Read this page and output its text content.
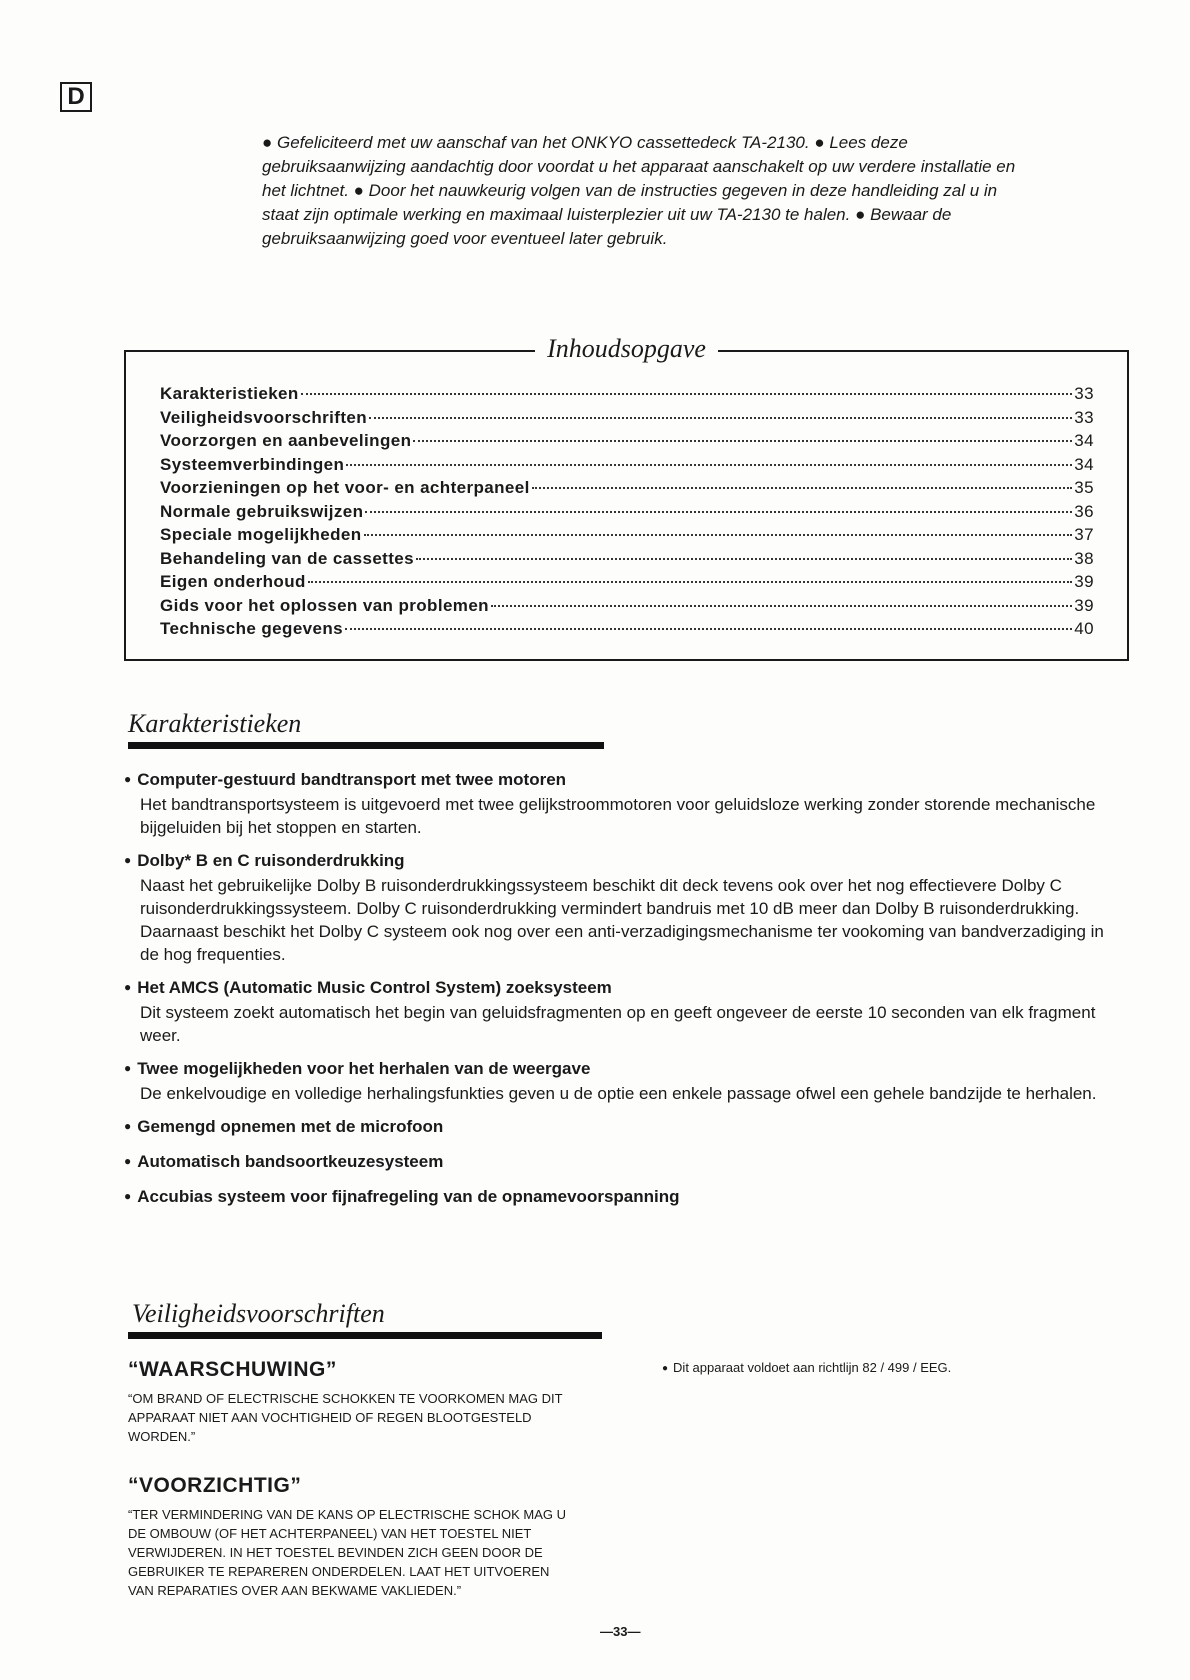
D

● Gefeliciteerd met uw aanschaf van het ONKYO cassettedeck TA-2130. ● Lees deze gebruiksaanwijzing aandachtig door voordat u het apparaat aanschakelt op uw verdere installatie en het lichtnet. ● Door het nauwkeurig volgen van de instructies gegeven in deze handleiding zal u in staat zijn optimale werking en maximaal luisterplezier uit uw TA-2130 te halen. ● Bewaar de gebruiksaanwijzing goed voor eventueel later gebruik.

Inhoudsopgave
Karakteristieken	33
Veiligheidsvoorschriften	33
Voorzorgen en aanbevelingen	34
Systeemverbindingen	34
Voorzieningen op het voor- en achterpaneel	35
Normale gebruikswijzen	36
Speciale mogelijkheden	37
Behandeling van de cassettes	38
Eigen onderhoud	39
Gids voor het oplossen van problemen	39
Technische gegevens	40
Karakteristieken
● Computer-gestuurd bandtransport met twee motoren
Het bandtransportsysteem is uitgevoerd met twee gelijkstroommotoren voor geluidsloze werking zonder storende mechanische bijgeluiden bij het stoppen en starten.
● Dolby* B en C ruisonderdrukking
Naast het gebruikelijke Dolby B ruisonderdrukkingssysteem beschikt dit deck tevens ook over het nog effectievere Dolby C ruisonderdrukkingssysteem. Dolby C ruisonderdrukking vermindert bandruis met 10 dB meer dan Dolby B ruisonderdrukking. Daarnaast beschikt het Dolby C systeem ook nog over een anti-verzadigingsmechanisme ter vookoming van bandverzadiging in de hog frequenties.
● Het AMCS (Automatic Music Control System) zoeksysteem
Dit systeem zoekt automatisch het begin van geluidsfragmenten op en geeft ongeveer de eerste 10 seconden van elk fragment weer.
● Twee mogelijkheden voor het herhalen van de weergave
De enkelvoudige en volledige herhalingsfunkties geven u de optie een enkele passage ofwel een gehele bandzijde te herhalen.
● Gemengd opnemen met de microfoon
● Automatisch bandsoortkeuzesysteem
● Accubias systeem voor fijnafregeling van de opnamevoorspanning
Veiligheidsvoorschriften
“WAARSCHUWING”
“OM BRAND OF ELECTRISCHE SCHOKKEN TE VOORKOMEN MAG DIT APPARAAT NIET AAN VOCHTIGHEID OF REGEN BLOOTGESTELD WORDEN.”
“VOORZICHTIG”
“TER VERMINDERING VAN DE KANS OP ELECTRISCHE SCHOK MAG U DE OMBOUW (OF HET ACHTERPANEEL) VAN HET TOESTEL NIET VERWIJDEREN. IN HET TOESTEL BEVINDEN ZICH GEEN DOOR DE GEBRUIKER TE REPAREREN ONDERDELEN. LAAT HET UITVOEREN VAN REPARATIES OVER AAN BEKWAME VAKLIEDEN.”
● Dit apparaat voldoet aan richtlijn 82 / 499 / EEG.
—33—
